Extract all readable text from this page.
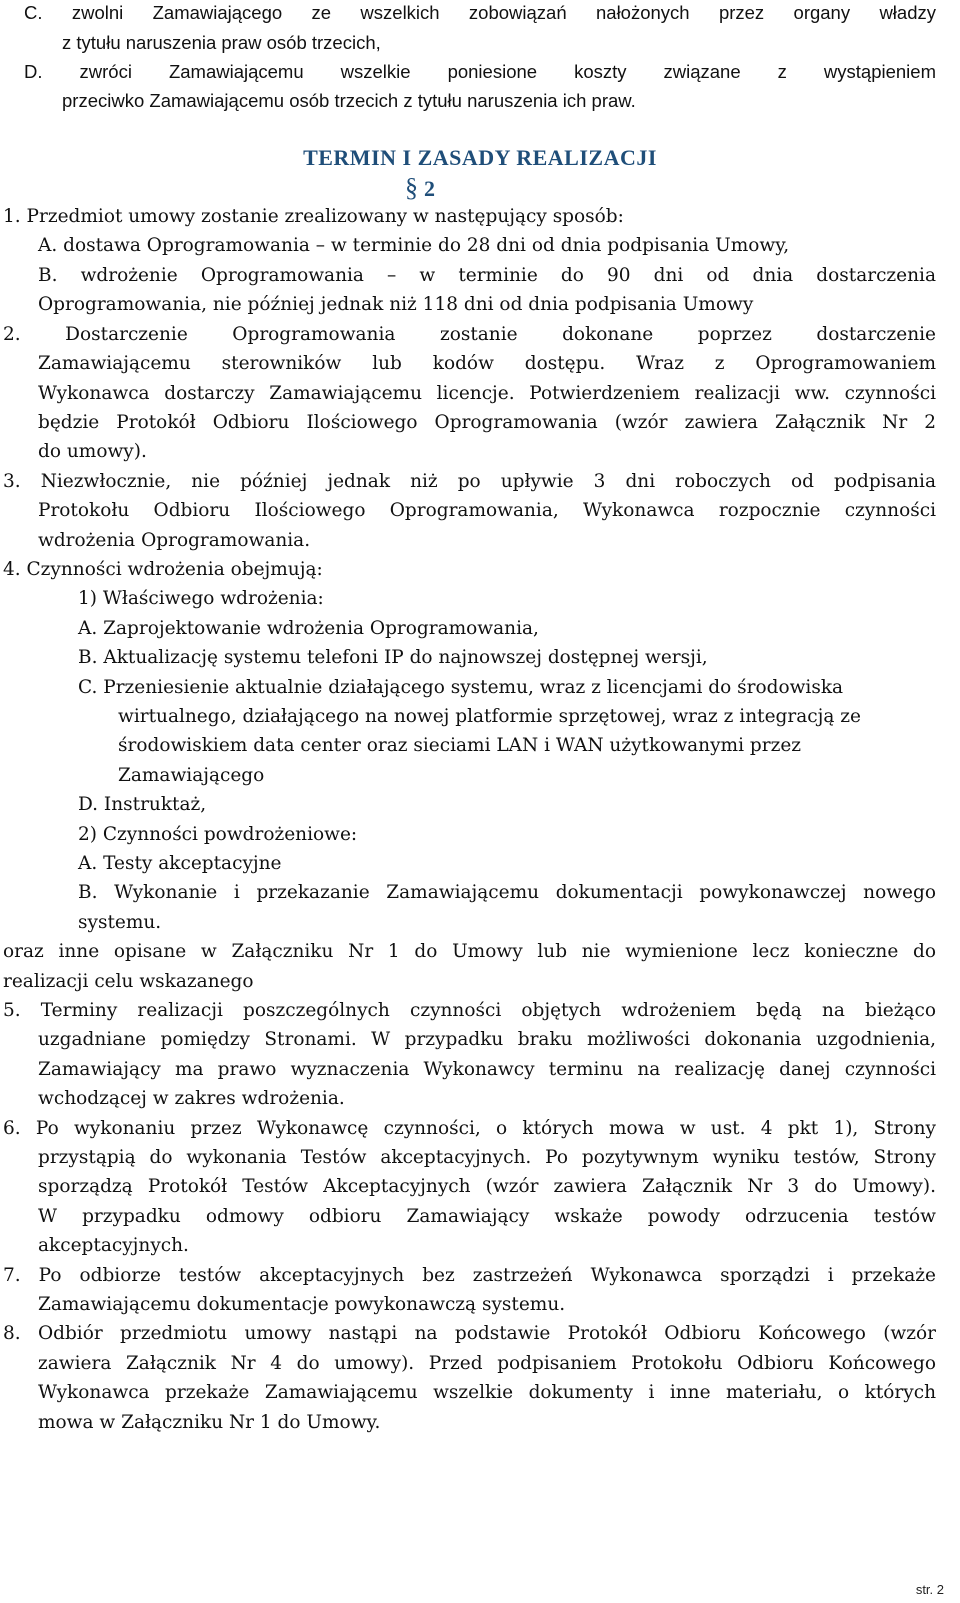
C. zwolni Zamawiającego ze wszelkich zobowiązań nałożonych przez organy władzy
z tytułu naruszenia praw osób trzecich,
D. zwróci Zamawiającemu wszelkie poniesione koszty związane z wystąpieniem
przeciwko Zamawiającemu osób trzecich z tytułu naruszenia ich praw.
TERMIN I ZASADY REALIZACJI
§ 2
1. Przedmiot umowy zostanie zrealizowany w następujący sposób:
A. dostawa Oprogramowania – w terminie do 28 dni od dnia podpisania Umowy,
B. wdrożenie Oprogramowania – w terminie do 90 dni od dnia dostarczenia
Oprogramowania, nie później jednak niż 118 dni od dnia podpisania Umowy
2. Dostarczenie Oprogramowania zostanie dokonane poprzez dostarczenie
Zamawiającemu sterowników lub kodów dostępu. Wraz z Oprogramowaniem
Wykonawca dostarczy Zamawiającemu licencje. Potwierdzeniem realizacji ww. czynności
będzie Protokół Odbioru Ilościowego Oprogramowania (wzór zawiera Załącznik Nr 2
do umowy).
3. Niezwłocznie, nie później jednak niż po upływie 3 dni roboczych od podpisania
Protokołu Odbioru Ilościowego Oprogramowania, Wykonawca rozpocznie czynności
wdrożenia Oprogramowania.
4. Czynności wdrożenia obejmują:
1) Właściwego wdrożenia:
A. Zaprojektowanie wdrożenia Oprogramowania,
B. Aktualizację systemu telefoni IP do najnowszej dostępnej wersji,
C. Przeniesienie aktualnie działającego systemu, wraz z licencjami do środowiska
wirtualnego, działającego na nowej platformie sprzętowej, wraz z integracją ze
środowiskiem data center oraz sieciami LAN i WAN użytkowanymi przez
Zamawiającego
D. Instruktaż,
2) Czynności powdrożeniowe:
A. Testy akceptacyjne
B. Wykonanie i przekazanie Zamawiającemu dokumentacji powykonawczej nowego
systemu.
oraz inne opisane w Załączniku Nr 1 do Umowy lub nie wymienione lecz konieczne do
realizacji celu wskazanego
5. Terminy realizacji poszczególnych czynności objętych wdrożeniem będą na bieżąco
uzgadniane pomiędzy Stronami. W przypadku braku możliwości dokonania uzgodnienia,
Zamawiający ma prawo wyznaczenia Wykonawcy terminu na realizację danej czynności
wchodzącej w zakres wdrożenia.
6. Po wykonaniu przez Wykonawcę czynności, o których mowa w ust. 4 pkt 1), Strony
przystąpią do wykonania Testów akceptacyjnych. Po pozytywnym wyniku testów, Strony
sporządzą Protokół Testów Akceptacyjnych (wzór zawiera Załącznik Nr 3 do Umowy).
W przypadku odmowy odbioru Zamawiający wskaże powody odrzucenia testów
akceptacyjnych.
7. Po odbiorze testów akceptacyjnych bez zastrzeżeń Wykonawca sporządzi i przekaże
Zamawiającemu dokumentacje powykonawczą systemu.
8. Odbiór przedmiotu umowy nastąpi na podstawie Protokół Odbioru Końcowego (wzór
zawiera Załącznik Nr 4 do umowy). Przed podpisaniem Protokołu Odbioru Końcowego
Wykonawca przekaże Zamawiającemu wszelkie dokumenty i inne materiału, o których
mowa w Załączniku Nr 1 do Umowy.
str. 2
